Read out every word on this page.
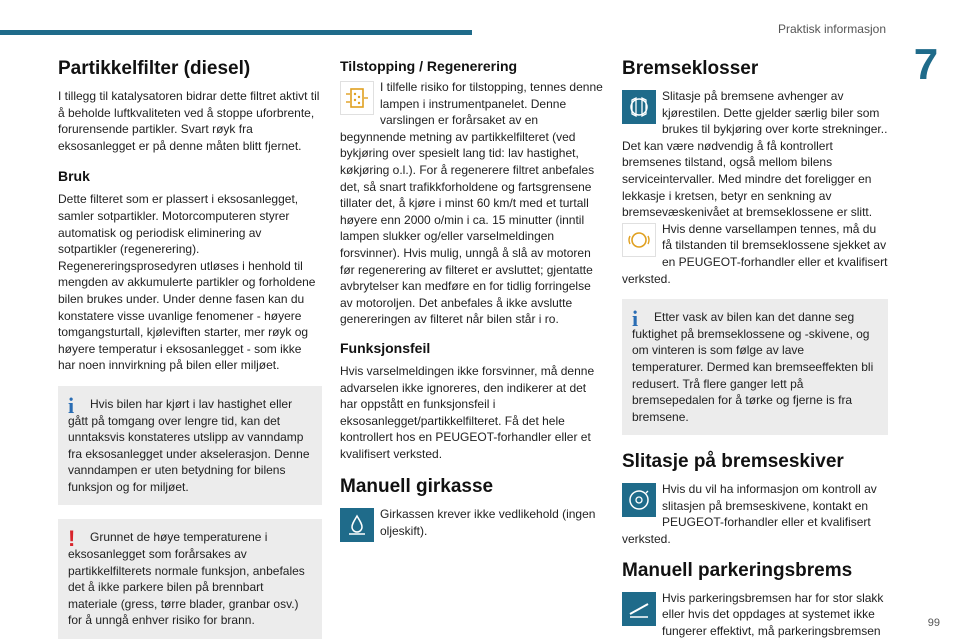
Praktisk informasjon
7
99
Partikkelfilter (diesel)

I tillegg til katalysatoren bidrar dette filtret aktivt til å beholde luftkvaliteten ved å stoppe uforbrente, forurensende partikler. Svart røyk fra eksosanlegget er på denne måten blitt fjernet.

Bruk

Dette filteret som er plassert i eksosanlegget, samler sotpartikler. Motorcomputeren styrer automatisk og periodisk eliminering av sotpartikler (regenerering). Regenereringsprosedyren utløses i henhold til mengden av akkumulerte partikler og forholdene bilen brukes under. Under denne fasen kan du konstatere visse uvanlige fenomener - høyere tomgangsturtall, kjøleviften starter, mer røyk og høyere temperatur i eksosanlegget - som ikke har noen innvirkning på bilen eller miljøet.

i	Hvis bilen har kjørt i lav hastighet eller gått på tomgang over lengre tid, kan det unntaksvis konstateres utslipp av vanndamp fra eksosanlegget under akselerasjon. Denne vanndampen er uten betydning for bilens funksjon og for miljøet.

!	Grunnet de høye temperaturene i eksosanlegget som forårsakes av partikkelfilterets normale funksjon, anbefales det å ikke parkere bilen på brennbart materiale (gress, tørre blader, granbar osv.) for å unngå enhver risiko for brann.

Tilstopping / Regenerering

I tilfelle risiko for tilstopping, tennes denne lampen i instrumentpanelet. Denne varslingen er forårsaket av en begynnende metning av partikkelfilteret (ved bykjøring over spesielt lang tid: lav hastighet, køkjøring o.l.). For å regenerere filtret anbefales det, så snart trafikkforholdene og fartsgrensene tillater det, å kjøre i minst 60 km/t med et turtall høyere enn 2000 o/min i ca. 15 minutter (inntil lampen slukker og/eller varselmeldingen forsvinner). Hvis mulig, unngå å slå av motoren før regenerering av filteret er avsluttet; gjentatte avbrytelser kan medføre en for tidlig forringelse av motoroljen. Det anbefales å ikke avslutte genereringen av filteret når bilen står i ro.

Funksjonsfeil

Hvis varselmeldingen ikke forsvinner, må denne advarselen ikke ignoreres, den indikerer at det har oppstått en funksjonsfeil i eksosanlegget/partikkelfilteret. Få det hele kontrollert hos en PEUGEOT-forhandler eller et kvalifisert verksted.

Manuell girkasse

Girkassen krever ikke vedlikehold (ingen oljeskift).

Bremseklosser

Slitasje på bremsene avhenger av kjørestilen. Dette gjelder særlig biler som brukes til bykjøring over korte strekninger.. Det kan være nødvendig å få kontrollert bremsenes tilstand, også mellom bilens serviceintervaller. Med mindre det foreligger en lekkasje i kretsen, betyr en senkning av bremsevæskenivået at bremseklossene er slitt.

Hvis denne varsellampen tennes, må du få tilstanden til bremseklossene sjekket av en PEUGEOT-forhandler eller et kvalifisert verksted.

i	Etter vask av bilen kan det danne seg fuktighet på bremseklossene og -skivene, og om vinteren is som følge av lave temperaturer. Dermed kan bremseeffekten bli redusert. Trå flere ganger lett på bremsepedalen for å tørke og fjerne is fra bremsene.

Slitasje på bremseskiver

Hvis du vil ha informasjon om kontroll av slitasjen på bremseskivene, kontakt en PEUGEOT-forhandler eller et kvalifisert verksted.

Manuell parkeringsbrems

Hvis parkeringsbremsen har for stor slakk eller hvis det oppdages at systemet ikke fungerer effektivt, må parkeringsbremsen
